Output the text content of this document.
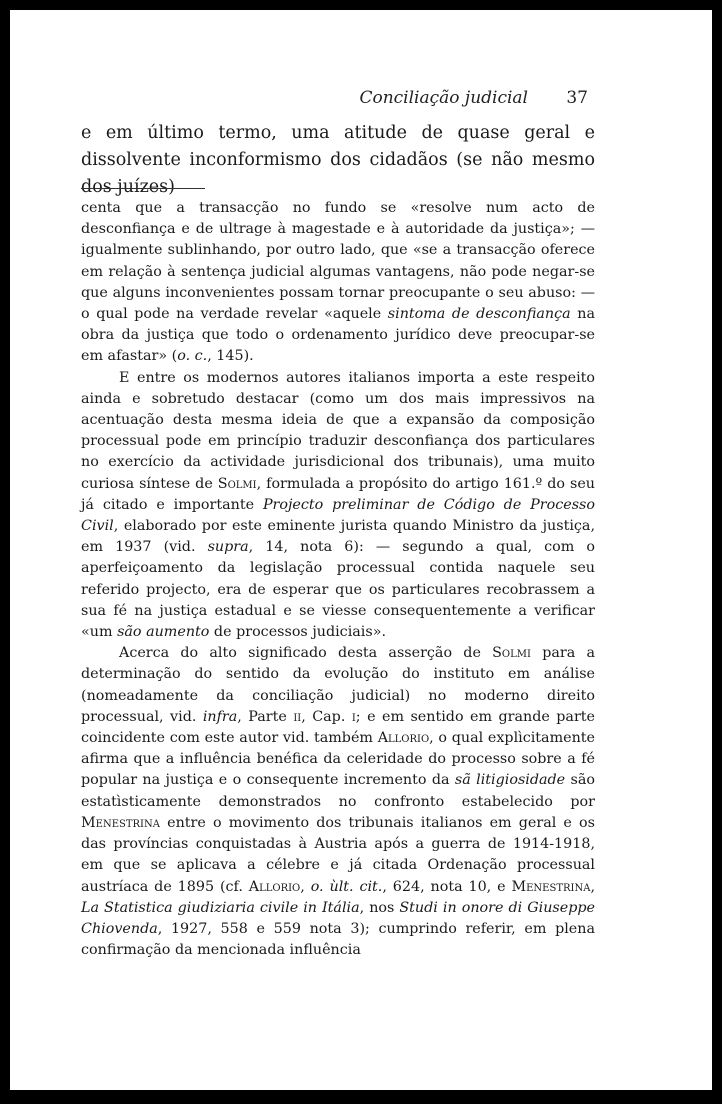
Conciliação judicial	37

e em último termo, uma atitude de quase geral e dissolvente inconformismo dos cidadãos (se não mesmo dos juízes)

centa que a transacção no fundo se «resolve num acto de desconfiança e de ultrage à magestade e à autoridade da justiça»; — igualmente sublinhando, por outro lado, que «se a transacção oferece em relação à sentença judicial algumas vantagens, não pode negar-se que alguns inconvenientes possam tornar preocupante o seu abuso: — o qual pode na verdade revelar «aquele sintoma de desconfiança na obra da justiça que todo o ordenamento jurídico deve preocupar-se em afastar» (o. c., 145).

E entre os modernos autores italianos importa a este respeito ainda e sobretudo destacar (como um dos mais impressivos na acentuação desta mesma ideia de que a expansão da composição processual pode em princípio traduzir desconfiança dos particulares no exercício da actividade jurisdicional dos tribunais), uma muito curiosa síntese de Solmi, formulada a propósito do artigo 161.º do seu já citado e importante Projecto preliminar de Código de Processo Civil, elaborado por este eminente jurista quando Ministro da justiça, em 1937 (vid. supra, 14, nota 6): — segundo a qual, com o aperfeiçoamento da legislação processual contida naquele seu referido projecto, era de esperar que os particulares recobrassem a sua fé na justiça estadual e se viesse consequentemente a verificar «um são aumento de processos judiciais».

Acerca do alto significado desta asserção de Solmi para a determinação do sentido da evolução do instituto em análise (nomeadamente da conciliação judicial) no moderno direito processual, vid. infra, Parte ii, Cap. i; e em sentido em grande parte coincidente com este autor vid. também Allorio, o qual explìcitamente afirma que a influência benéfica da celeridade do processo sobre a fé popular na justiça e o consequente incremento da sã litigiosidade são estatìsticamente demonstrados no confronto estabelecido por Menestrina entre o movimento dos tribunais italianos em geral e os das províncias conquistadas à Austria após a guerra de 1914-1918, em que se aplicava a célebre e já citada Ordenação processual austríaca de 1895 (cf. Allorio, o. ùlt. cit., 624, nota 10, e Menestrina, La Statistica giudiziaria civile in Itália, nos Studi in onore di Giuseppe Chiovenda, 1927, 558 e 559 nota 3); cumprindo referir, em plena confirmação da mencionada influência
